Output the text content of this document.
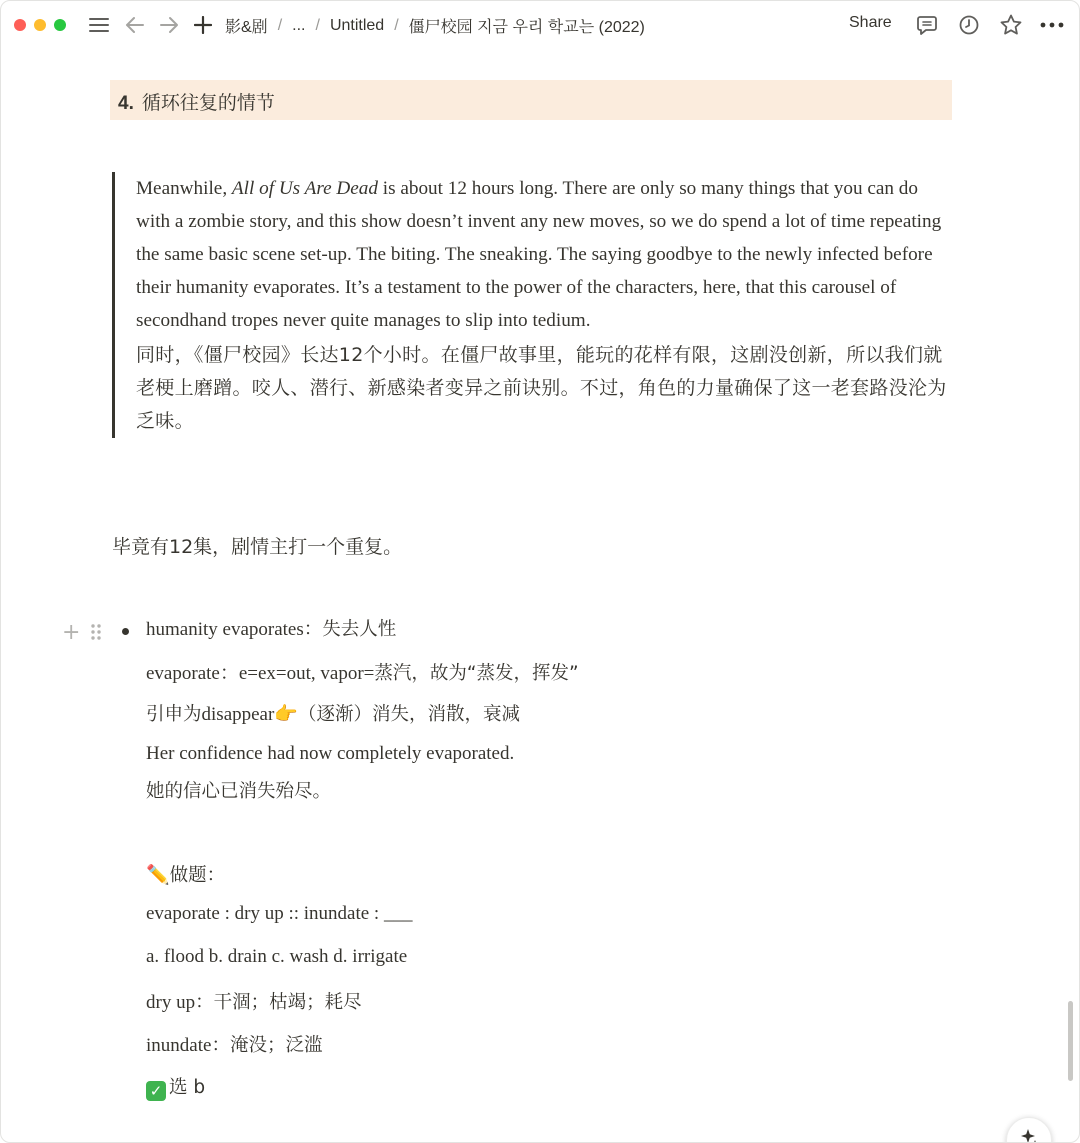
影&剧 / ... / Untitled / 僵尸校园 지금 우리 학교는 (2022)	Share
4. 循环往复的情节

Meanwhile, All of Us Are Dead is about 12 hours long. There are only so many things that you can do with a zombie story, and this show doesn’t invent any new moves, so we do spend a lot of time repeating the same basic scene set-up. The biting. The sneaking. The saying goodbye to the newly infected before their humanity evaporates. It’s a testament to the power of the characters, here, that this carousel of secondhand tropes never quite manages to slip into tedium.

同时，《僵尸校园》长达12个小时。在僵尸故事里，能玩的花样有限，这剧没创新，所以我们就老梗上磨蹭。咬人、潜行、新感染者变异之前诀别。不过，角色的力量确保了这一老套路没沦为乏味。

毕竟有12集，剧情主打一个重复。
+	humanity evaporates：失去人性
evaporate：e=ex=out, vapor=蒸汽，故为“蒸发，挥发”
引申为disappear👉（逐渐）消失，消散，衰减
Her confidence had now completely evaporated.
她的信心已消失殆尽。
✏️做题：
evaporate : dry up :: inundate : ___
a. flood b. drain c. wash d. irrigate
dry up：干涸；枯竭；耗尽
inundate：淹没；泛滥
✓ 选 b
